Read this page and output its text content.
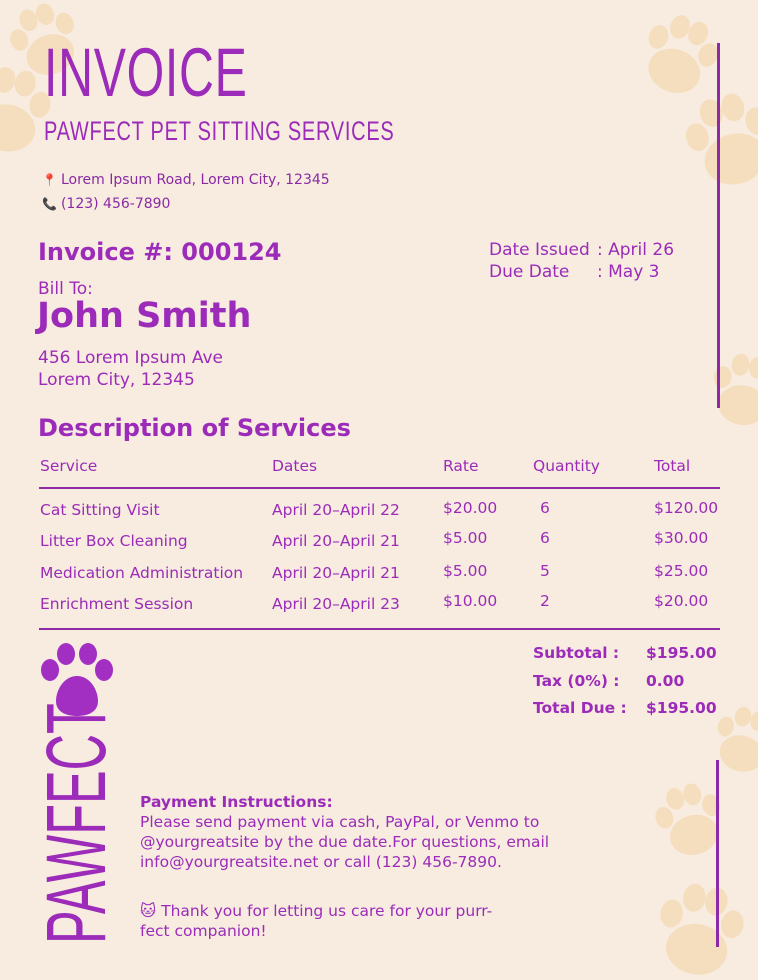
INVOICE
PAWFECT PET SITTING SERVICES
📍 Lorem Ipsum Road, Lorem City, 12345
📞 (123) 456-7890
Invoice #: 000124	Date Issued : April 26
Due Date	: May 3
Bill To:
John Smith
456 Lorem Ipsum Ave
Lorem City, 12345
Description of Services
Service	Dates	Rate	Quantity	Total
Cat Sitting Visit	April 20–April 22	$20.00	6	$120.00
Litter Box Cleaning	April 20–April 21	$5.00	6	$30.00
Medication Administration April 20–April 21	$5.00	5	$25.00
Enrichment Session	April 20–April 23	$10.00	2	$20.00
Subtotal : $195.00
Tax (0%) : 0.00
Total Due : $195.00
PAWFECT Payment Instructions:
Please send payment via cash, PayPal, or Venmo to @yourgreatsite by the due date.For questions, email info@yourgreatsite.net or call (123) 456-7890.
🐱 Thank you for letting us care for your purr-fect companion!
